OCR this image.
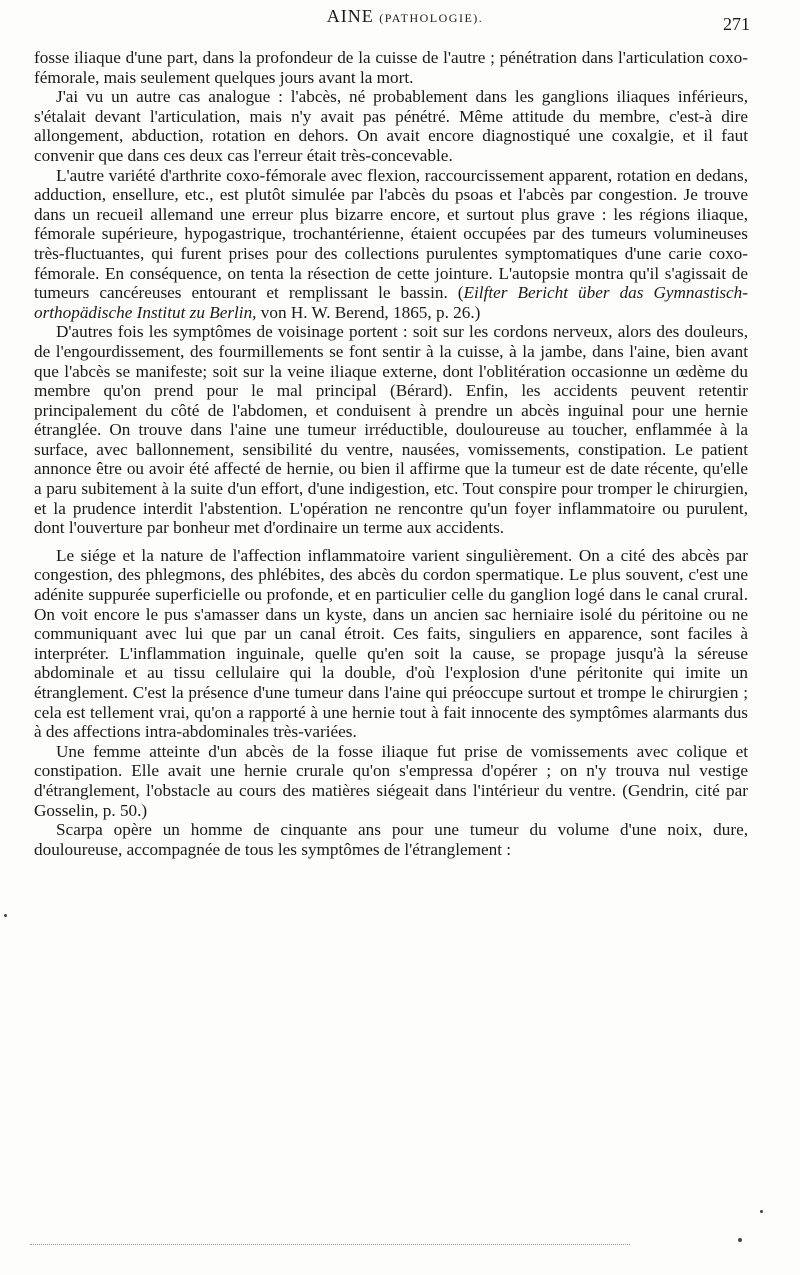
AINE (PATHOLOGIE).	271

fosse iliaque d'une part, dans la profondeur de la cuisse de l'autre ; pénétration dans l'articulation coxo-fémorale, mais seulement quelques jours avant la mort.

J'ai vu un autre cas analogue : l'abcès, né probablement dans les ganglions iliaques inférieurs, s'étalait devant l'articulation, mais n'y avait pas pénétré. Même attitude du membre, c'est-à dire allongement, abduction, rotation en dehors. On avait encore diagnostiqué une coxalgie, et il faut convenir que dans ces deux cas l'erreur était très-concevable.

L'autre variété d'arthrite coxo-fémorale avec flexion, raccourcissement apparent, rotation en dedans, adduction, ensellure, etc., est plutôt simulée par l'abcès du psoas et l'abcès par congestion. Je trouve dans un recueil allemand une erreur plus bizarre encore, et surtout plus grave : les régions iliaque, fémorale supérieure, hypogastrique, trochantérienne, étaient occupées par des tumeurs volumineuses très-fluctuantes, qui furent prises pour des collections purulentes symptomatiques d'une carie coxo-fémorale. En conséquence, on tenta la résection de cette jointure. L'autopsie montra qu'il s'agissait de tumeurs cancéreuses entourant et remplissant le bassin. (Eilfter Bericht über das Gymnastisch-orthopädische Institut zu Berlin, von H. W. Berend, 1865, p. 26.)

D'autres fois les symptômes de voisinage portent : soit sur les cordons nerveux, alors des douleurs, de l'engourdissement, des fourmillements se font sentir à la cuisse, à la jambe, dans l'aine, bien avant que l'abcès se manifeste; soit sur la veine iliaque externe, dont l'oblitération occasionne un œdème du membre qu'on prend pour le mal principal (Bérard). Enfin, les accidents peuvent retentir principalement du côté de l'abdomen, et conduisent à prendre un abcès inguinal pour une hernie étranglée. On trouve dans l'aine une tumeur irréductible, douloureuse au toucher, enflammée à la surface, avec ballonnement, sensibilité du ventre, nausées, vomissements, constipation. Le patient annonce être ou avoir été affecté de hernie, ou bien il affirme que la tumeur est de date récente, qu'elle a paru subitement à la suite d'un effort, d'une indigestion, etc. Tout conspire pour tromper le chirurgien, et la prudence interdit l'abstention. L'opération ne rencontre qu'un foyer inflammatoire ou purulent, dont l'ouverture par bonheur met d'ordinaire un terme aux accidents.

Le siége et la nature de l'affection inflammatoire varient singulièrement. On a cité des abcès par congestion, des phlegmons, des phlébites, des abcès du cordon spermatique. Le plus souvent, c'est une adénite suppurée superficielle ou profonde, et en particulier celle du ganglion logé dans le canal crural. On voit encore le pus s'amasser dans un kyste, dans un ancien sac herniaire isolé du péritoine ou ne communiquant avec lui que par un canal étroit. Ces faits, singuliers en apparence, sont faciles à interpréter. L'inflammation inguinale, quelle qu'en soit la cause, se propage jusqu'à la séreuse abdominale et au tissu cellulaire qui la double, d'où l'explosion d'une péritonite qui imite un étranglement. C'est la présence d'une tumeur dans l'aine qui préoccupe surtout et trompe le chirurgien ; cela est tellement vrai, qu'on a rapporté à une hernie tout à fait innocente des symptômes alarmants dus à des affections intra-abdominales très-variées.

Une femme atteinte d'un abcès de la fosse iliaque fut prise de vomissements avec colique et constipation. Elle avait une hernie crurale qu'on s'empressa d'opérer ; on n'y trouva nul vestige d'étranglement, l'obstacle au cours des matières siégeait dans l'intérieur du ventre. (Gendrin, cité par Gosselin, p. 50.)

Scarpa opère un homme de cinquante ans pour une tumeur du volume d'une noix, dure, douloureuse, accompagnée de tous les symptômes de l'étranglement :
